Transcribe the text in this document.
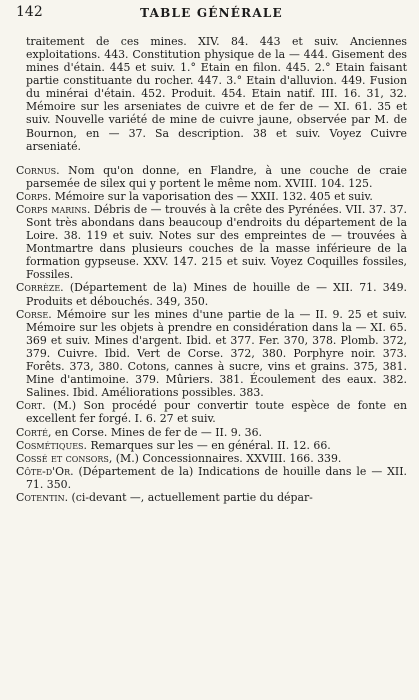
142	TABLE GÉNÉRALE

traitement de ces mines. XIV. 84. 443 et suiv. Anciennes exploitations. 443. Constitution physique de la — 444. Gisement des mines d'étain. 445 et suiv. 1.° Etain en filon. 445. 2.° Etain faisant partie constituante du rocher. 447. 3.° Etain d'alluvion. 449. Fusion du minérai d'étain. 452. Produit. 454. Etain natif. III. 16. 31, 32. Mémoire sur les arseniates de cuivre et de fer de — XI. 61. 35 et suiv. Nouvelle variété de mine de cuivre jaune, observée par M. de Bournon, en — 37. Sa description. 38 et suiv. Voyez Cuivre arseniaté.

Cornus. Nom qu'on donne, en Flandre, à une couche de craie parsemée de silex qui y portent le même nom. XVIII. 104. 125.

Corps. Mémoire sur la vaporisation des — XXII. 132. 405 et suiv.

Corps marins. Débris de — trouvés à la crête des Pyrénées. VII. 37. 37. Sont très abondans dans beaucoup d'endroits du département de la Loire. 38. 119 et suiv. Notes sur des empreintes de — trouvées à Montmartre dans plusieurs couches de la masse inférieure de la formation gypseuse. XXV. 147. 215 et suiv. Voyez Coquilles fossiles, Fossiles.

Corrèze. (Département de la) Mines de houille de — XII. 71. 349. Produits et débouchés. 349, 350.

Corse. Mémoire sur les mines d'une partie de la — II. 9. 25 et suiv. Mémoire sur les objets à prendre en considération dans la — XI. 65. 369 et suiv. Mines d'argent. Ibid. et 377. Fer. 370, 378. Plomb. 372, 379. Cuivre. Ibid. Vert de Corse. 372, 380. Porphyre noir. 373. Forêts. 373, 380. Cotons, cannes à sucre, vins et grains. 375, 381. Mine d'antimoine. 379. Mûriers. 381. Écoulement des eaux. 382. Salines. Ibid. Améliorations possibles. 383.

Cort. (M.) Son procédé pour convertir toute espèce de fonte en excellent fer forgé. I. 6. 27 et suiv.

Corté, en Corse. Mines de fer de — II. 9. 36.

Cosmétiques. Remarques sur les — en général. II. 12. 66.

Cossé et consors, (M.) Concessionnaires. XXVIII. 166. 339.

Côte-d'Or. (Département de la) Indications de houille dans le — XII. 71. 350.

Cotentin. (ci-devant —, actuellement partie du dépar-
